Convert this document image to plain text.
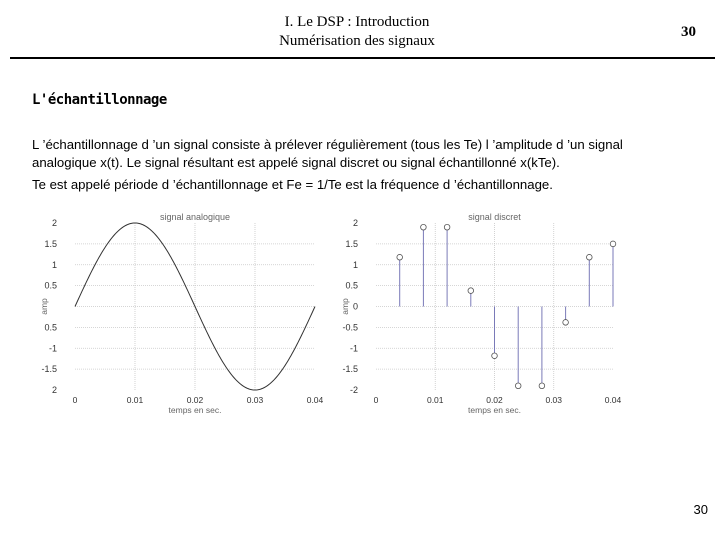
I. Le DSP : Introduction
Numérisation des signaux
30
L'échantillonnage
L ’échantillonnage d ’un signal consiste à prélever régulièrement (tous les Te) l ’amplitude d ’un signal
analogique x(t). Le signal résultant est appelé signal discret ou signal échantillonné x(kTe).
Te est appelé période d ’échantillonnage et Fe = 1/Te est la fréquence d ’échantillonnage.
signal analogique
2
1.5
1
0.5
0.5
-1
-1.5
2
0	0.01	0.02	0.03	0.04
temps en sec.
amp
signal discret
2
1.5
1
0.5
0
-0.5
-1
-1.5
-2
0	0.01	0.02	0.03	0.04
temps en sec.
amp
30
